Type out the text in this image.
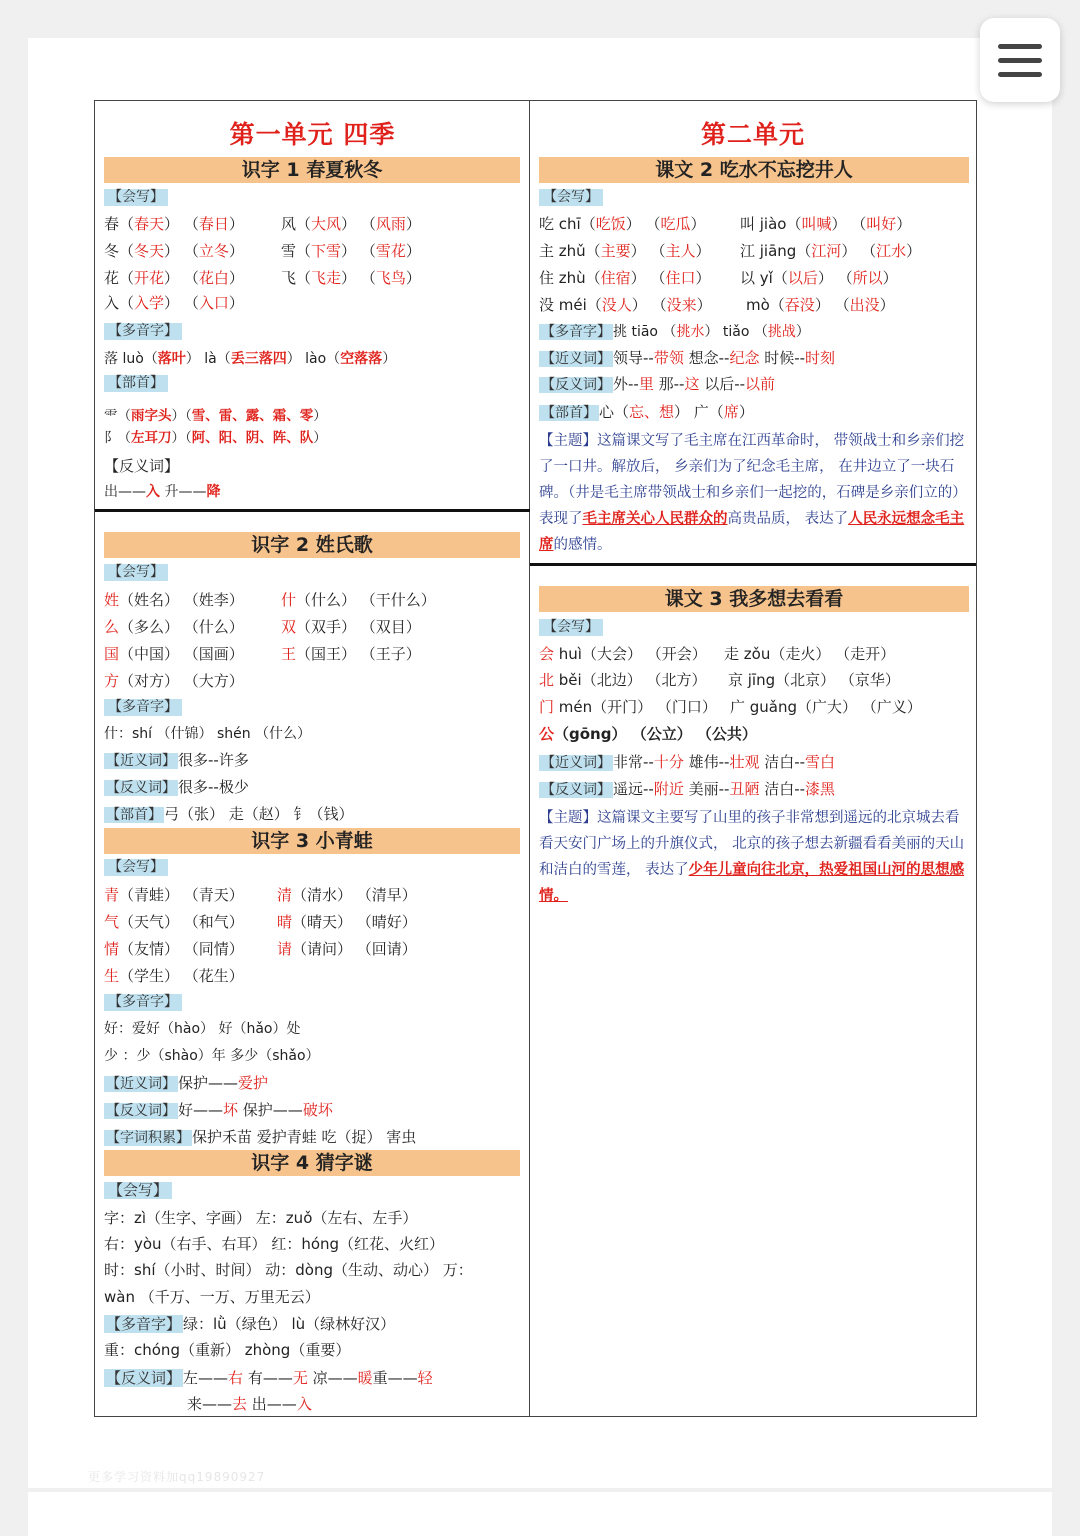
第一单元 四季
识字 1 春夏秋冬
【会写】
春（春天） （春日） 风（大风） （风雨）
冬（冬天） （立冬） 雪（下雪） （雪花）
花（开花） （花白） 飞（飞走） （飞鸟）
入（入学） （入口）
【多音字】
落 luò（落叶） là（丢三落四） lào（空落落）
【部首】
⻗（雨字头）（雪、雷、露、霜、零）
阝（左耳刀）（阿、阳、阴、阵、队）
【反义词】
出——入 升——降
识字 2 姓氏歌
【会写】
姓（姓名） （姓李） 什（什么） （干什么）
么（多么） （什么） 双（双手） （双目）
国（中国） （国画） 王（国王） （王子）
方（对方） （大方）
【多音字】
什：shí （什锦） shén （什么）
【近义词】 很多--许多
【反义词】 很多--极少
【部首】 弓（张） 走（赵） 钅（钱）
识字 3 小青蛙
【会写】
青（青蛙） （青天） 清（清水） （清早）
气（天气） （和气） 晴（晴天） （晴好）
情（友情） （同情） 请（请问） （回请）
生（学生） （花生）
【多音字】
好：爱好（hào） 好（hǎo）处
少 ：少（shào）年 多少（shǎo）
【近义词】 保护——爱护
【反义词】 好——坏 保护——破坏
【字词积累】 保护禾苗 爱护青蛙 吃（捉） 害虫
识字 4 猜字谜
【会写】
字：zì（生字、字画） 左：zuǒ（左右、左手）
右：yòu（右手、右耳） 红：hóng（红花、火红）
时：shí（小时、时间） 动：dòng（生动、动心） 万：
wàn （千万、一万、万里无云）
【多音字】 绿：lǜ（绿色） lù（绿林好汉）
重：chóng（重新） zhòng（重要）
【反义词】 左——右 有——无 凉——暖重——轻
来——去 出——入
第二单元
课文 2 吃水不忘挖井人
【会写】
吃 chī（吃饭） （吃瓜） 叫 jiào（叫喊） （叫好）
主 zhǔ（主要） （主人） 江 jiāng（江河） （江水）
住 zhù（住宿） （住口） 以 yǐ（以后） （所以）
没 méi（没人） （没来） mò（吞没） （出没）
【多音字】 挑 tiāo （挑水） tiǎo （挑战）
【近义词】 领导--带领 想念--纪念 时候--时刻
【反义词】 外--里 那--这 以后--以前
【部首】 心（忘、想） 广（席）
【主题】这篇课文写了毛主席在江西革命时， 带领战士和乡亲们挖了一口井。解放后， 乡亲们为了纪念毛主席， 在井边立了一块石碑。（井是毛主席带领战士和乡亲们一起挖的，石碑是乡亲们立的） 表现了毛主席关心人民群众的高贵品质， 表达了人民永远想念毛主席的感情。
课文 3 我多想去看看
【会写】
会 huì（大会） （开会） 走 zǒu（走火） （走开）
北 běi（北边） （北方） 京 jīng（北京） （京华）
门 mén（开门） （门口） 广 guǎng（广大） （广义）
公（gōng） （公立） （公共）
【近义词】 非常--十分 雄伟--壮观 洁白--雪白
【反义词】 遥远--附近 美丽--丑陋 洁白--漆黑
【主题】这篇课文主要写了山里的孩子非常想到遥远的北京城去看看天安门广场上的升旗仪式， 北京的孩子想去新疆看看美丽的天山和洁白的雪莲， 表达了少年儿童向往北京，热爱祖国山河的思想感情。
更多学习资料加qq19890927
